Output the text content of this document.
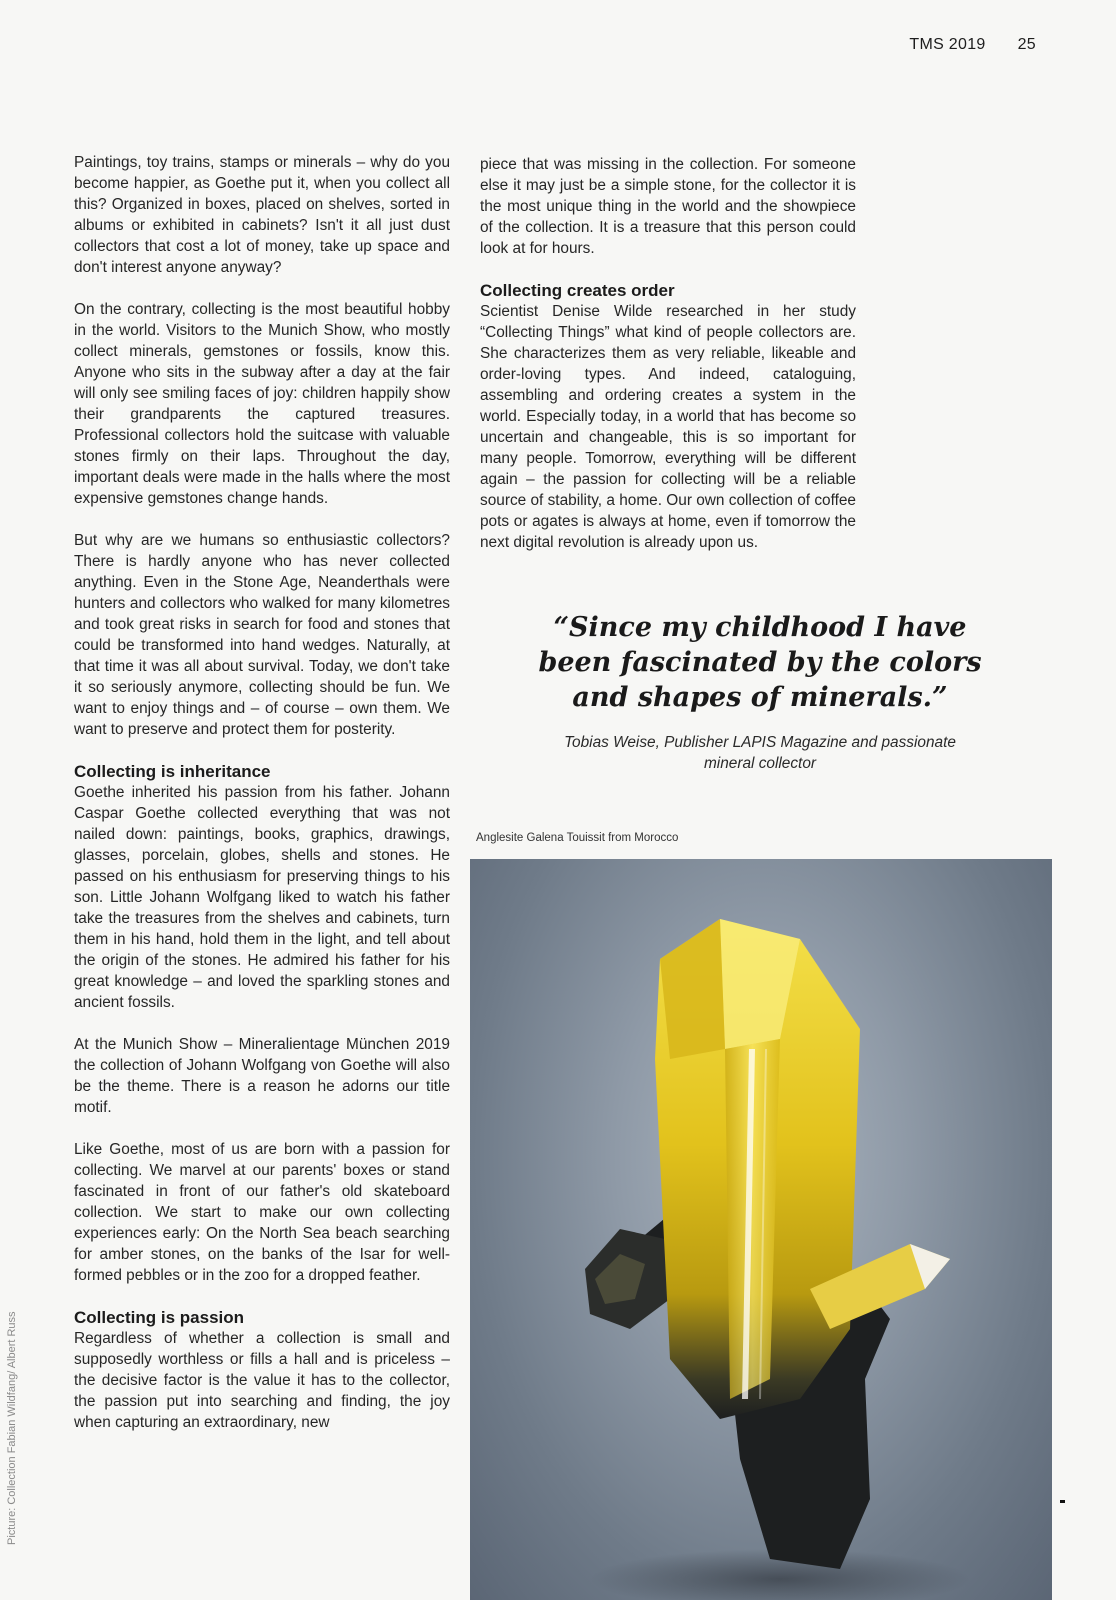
TMS 2019 25

Paintings, toy trains, stamps or minerals – why do you become happier, as Goethe put it, when you collect all this? Organized in boxes, placed on shelves, sorted in albums or exhibited in cabinets? Isn't it all just dust collectors that cost a lot of money, take up space and don't interest anyone anyway?

On the contrary, collecting is the most beautiful hobby in the world. Visitors to the Munich Show, who mostly collect minerals, gemstones or fossils, know this. Anyone who sits in the subway after a day at the fair will only see smiling faces of joy: children happily show their grandparents the captured treasures. Professional collectors hold the suitcase with valuable stones firmly on their laps. Throughout the day, important deals were made in the halls where the most expensive gemstones change hands.

But why are we humans so enthusiastic collectors? There is hardly anyone who has never collected anything. Even in the Stone Age, Neanderthals were hunters and collectors who walked for many kilometres and took great risks in search for food and stones that could be transformed into hand wedges. Naturally, at that time it was all about survival. Today, we don't take it so seriously anymore, collecting should be fun. We want to enjoy things and – of course – own them. We want to preserve and protect them for posterity.

Collecting is inheritance

Goethe inherited his passion from his father. Johann Caspar Goethe collected everything that was not nailed down: paintings, books, graphics, drawings, glasses, porcelain, globes, shells and stones. He passed on his enthusiasm for preserving things to his son. Little Johann Wolfgang liked to watch his father take the treasures from the shelves and cabinets, turn them in his hand, hold them in the light, and tell about the origin of the stones. He admired his father for his great knowledge – and loved the sparkling stones and ancient fossils.

At the Munich Show – Mineralientage München 2019 the collection of Johann Wolfgang von Goethe will also be the theme. There is a reason he adorns our title motif.

Like Goethe, most of us are born with a passion for collecting. We marvel at our parents' boxes or stand fascinated in front of our father's old skateboard collection. We start to make our own collecting experiences early: On the North Sea beach searching for amber stones, on the banks of the Isar for well-formed pebbles or in the zoo for a dropped feather.

Collecting is passion

Regardless of whether a collection is small and supposedly worthless or fills a hall and is priceless – the decisive factor is the value it has to the collector, the passion put into searching and finding, the joy when capturing an extraordinary, new

piece that was missing in the collection. For someone else it may just be a simple stone, for the collector it is the most unique thing in the world and the showpiece of the collection. It is a treasure that this person could look at for hours.

Collecting creates order

Scientist Denise Wilde researched in her study “Collecting Things” what kind of people collectors are. She characterizes them as very reliable, likeable and order-loving types. And indeed, cataloguing, assembling and ordering creates a system in the world. Especially today, in a world that has become so uncertain and changeable, this is so important for many people. Tomorrow, everything will be different again – the passion for collecting will be a reliable source of stability, a home. Our own collection of coffee pots or agates is always at home, even if tomorrow the next digital revolution is already upon us.

“Since my childhood I have been fascinated by the colors and shapes of minerals.”
Tobias Weise, Publisher LAPIS Magazine and passionate mineral collector
Anglesite Galena Touissit from Morocco
Picture: Collection Fabian Wildfang/ Albert Russ
